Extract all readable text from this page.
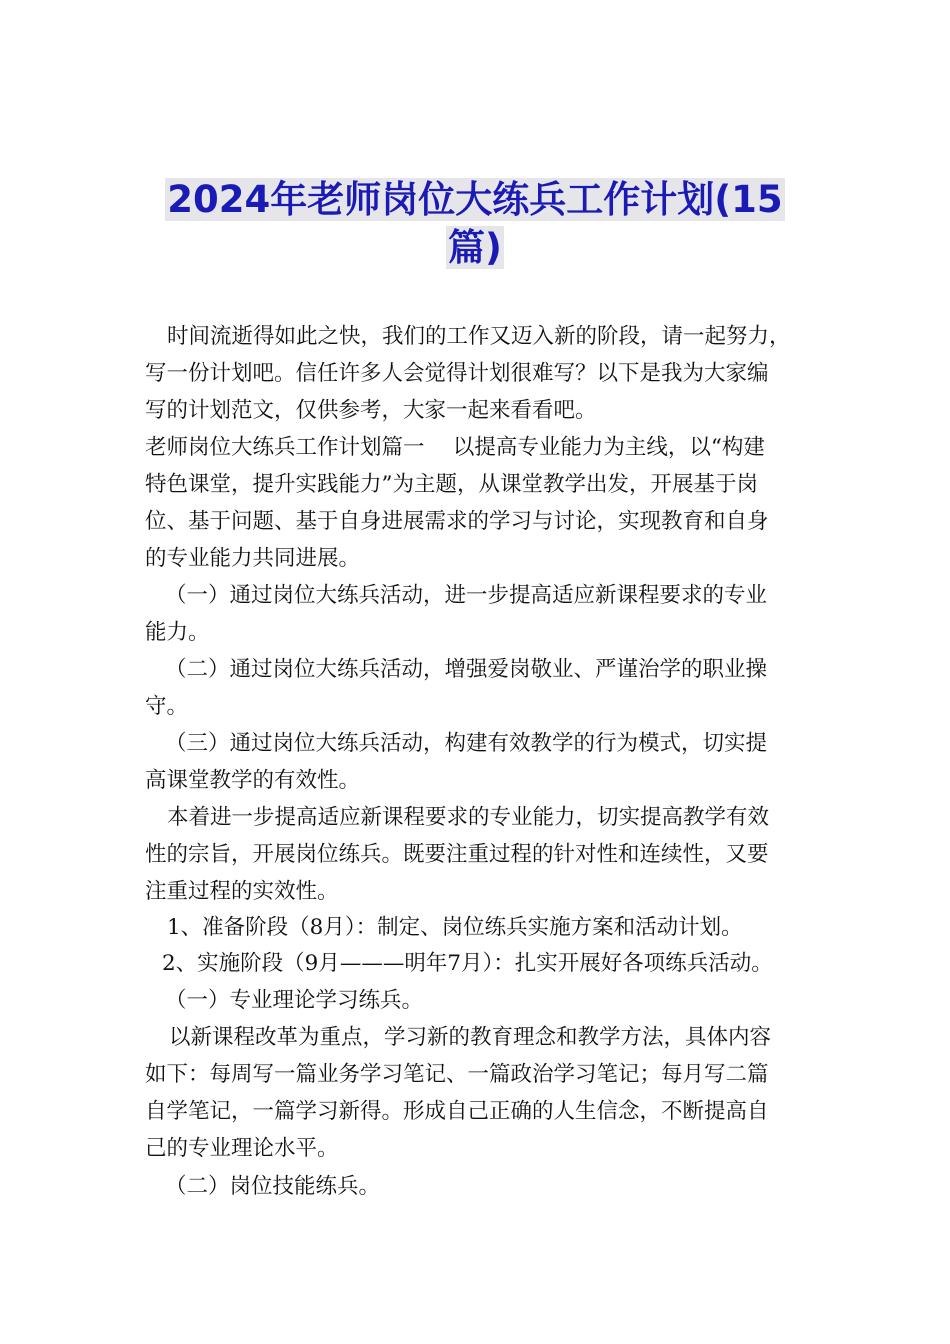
2024年老师岗位大练兵工作计划(15
篇)
时间流逝得如此之快，我们的工作又迈入新的阶段，请一起努力，
写一份计划吧。信任许多人会觉得计划很难写？以下是我为大家编
写的计划范文，仅供参考，大家一起来看看吧。
老师岗位大练兵工作计划篇一　 以提高专业能力为主线，以“构建
特色课堂，提升实践能力”为主题，从课堂教学出发，开展基于岗
位、基于问题、基于自身进展需求的学习与讨论，实现教育和自身
的专业能力共同进展。
（一）通过岗位大练兵活动，进一步提高适应新课程要求的专业
能力。
（二）通过岗位大练兵活动，增强爱岗敬业、严谨治学的职业操
守。
（三）通过岗位大练兵活动，构建有效教学的行为模式，切实提
高课堂教学的有效性。
本着进一步提高适应新课程要求的专业能力，切实提高教学有效
性的宗旨，开展岗位练兵。既要注重过程的针对性和连续性，又要
注重过程的实效性。
1、准备阶段（8月）：制定、岗位练兵实施方案和活动计划。
2、实施阶段（9月———明年7月）：扎实开展好各项练兵活动。
（一）专业理论学习练兵。
以新课程改革为重点，学习新的教育理念和教学方法，具体内容
如下：每周写一篇业务学习笔记、一篇政治学习笔记；每月写二篇
自学笔记，一篇学习新得。形成自己正确的人生信念，不断提高自
己的专业理论水平。
（二）岗位技能练兵。
